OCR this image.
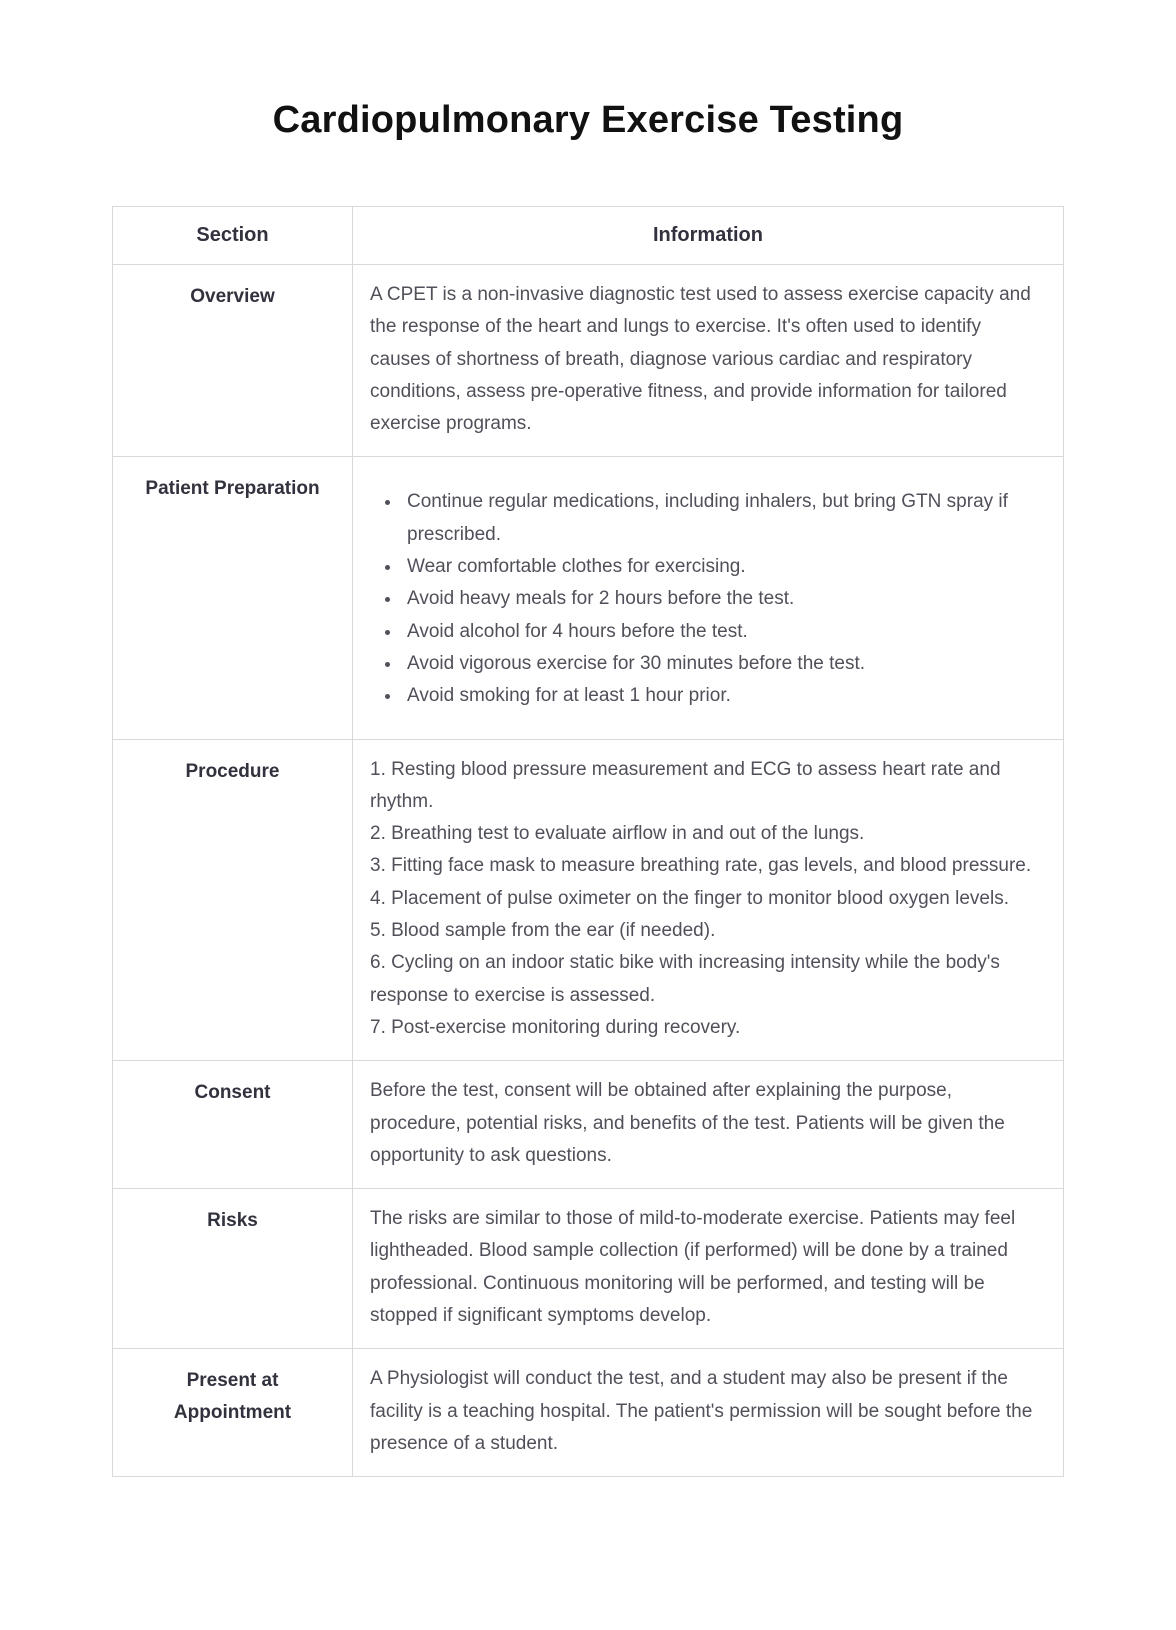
Cardiopulmonary Exercise Testing
Section	Information
Overview	A CPET is a non-invasive diagnostic test used to assess exercise capacity and the response of the heart and lungs to exercise. It's often used to identify causes of shortness of breath, diagnose various cardiac and respiratory conditions, assess pre-operative fitness, and provide information for tailored exercise programs.
Patient Preparation	
• Continue regular medications, including inhalers, but bring GTN spray if prescribed.
• Wear comfortable clothes for exercising.
• Avoid heavy meals for 2 hours before the test.
• Avoid alcohol for 4 hours before the test.
• Avoid vigorous exercise for 30 minutes before the test.
• Avoid smoking for at least 1 hour prior.

Procedure	1. Resting blood pressure measurement and ECG to assess heart rate and rhythm.
2. Breathing test to evaluate airflow in and out of the lungs.
3. Fitting face mask to measure breathing rate, gas levels, and blood pressure.
4. Placement of pulse oximeter on the finger to monitor blood oxygen levels.
5. Blood sample from the ear (if needed).
6. Cycling on an indoor static bike with increasing intensity while the body's response to exercise is assessed.
7. Post-exercise monitoring during recovery.

Consent	Before the test, consent will be obtained after explaining the purpose, procedure, potential risks, and benefits of the test. Patients will be given the opportunity to ask questions.
Risks	The risks are similar to those of mild-to-moderate exercise. Patients may feel lightheaded. Blood sample collection (if performed) will be done by a trained professional. Continuous monitoring will be performed, and testing will be stopped if significant symptoms develop.
Present at Appointment	A Physiologist will conduct the test, and a student may also be present if the facility is a teaching hospital. The patient's permission will be sought before the presence of a student.
